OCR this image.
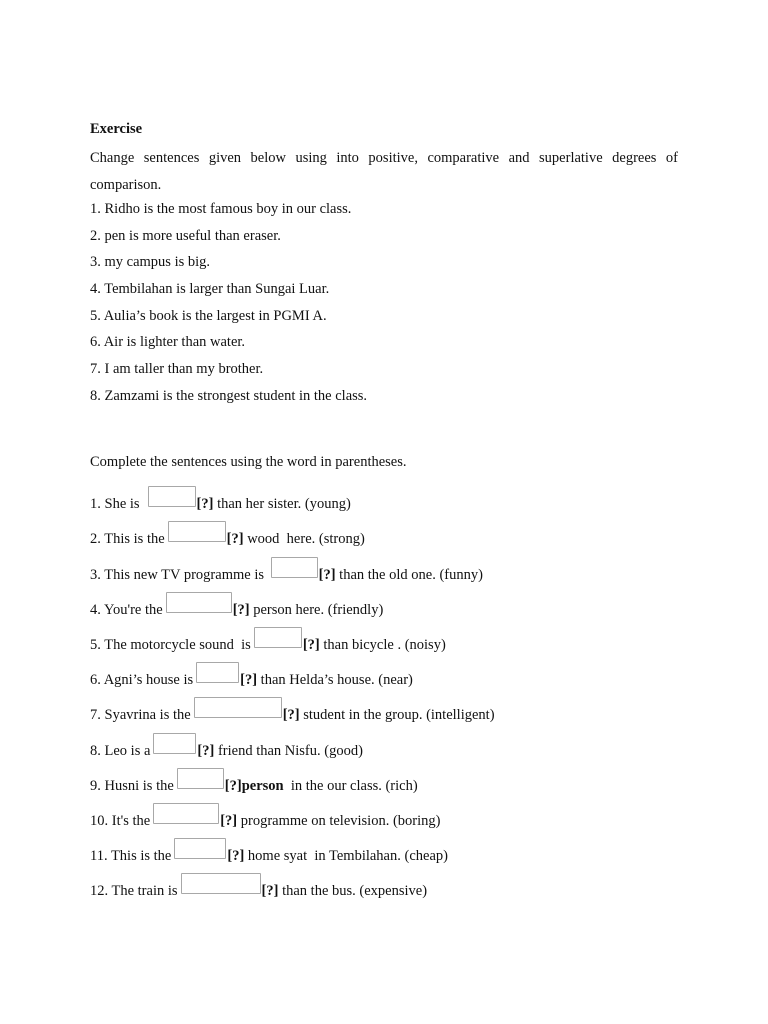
Exercise
Change sentences given below using into positive, comparative and superlative degrees of comparison.
1. Ridho is the most famous boy in our class.
2. pen is more useful than eraser.
3. my campus is big.
4. Tembilahan is larger than Sungai Luar.
5. Aulia’s book is the largest in PGMI A.
6. Air is lighter than water.
7. I am taller than my brother.
8. Zamzami is the strongest student in the class.
Complete the sentences using the word in parentheses.
1. She is	[?] than her sister. (young)
2. This is the	[?] wood  here. (strong)
3. This new TV programme is	[?] than the old one. (funny)
4. You're the	[?] person here. (friendly)
5. The motorcycle sound  is	[?] than bicycle . (noisy)
6. Agni’s house is	[?] than Helda’s house. (near)
7. Syavrina is the	[?] student in the group. (intelligent)
8. Leo is a	[?] friend than Nisfu. (good)
9. Husni is the	[?]person in the our class. (rich)
10. It's the	[?] programme on television. (boring)
11. This is the	[?] home syat  in Tembilahan. (cheap)
12. The train is	[?] than the bus. (expensive)
